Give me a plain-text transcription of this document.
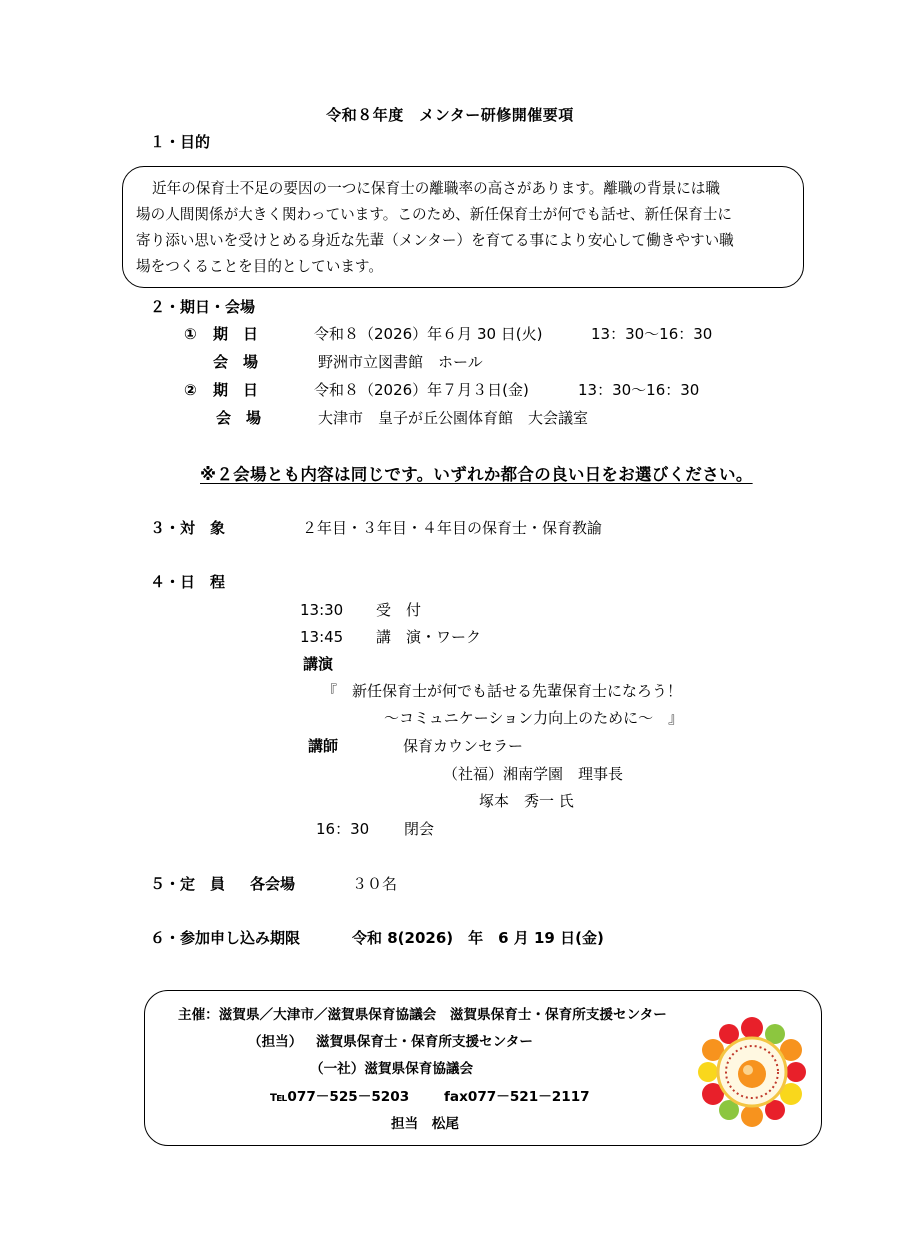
令和８年度　メンター研修開催要項
１・目的
近年の保育士不足の要因の一つに保育士の離職率の高さがあります。離職の背景には職
場の人間関係が大きく関わっています。このため、新任保育士が何でも話せ、新任保育士に
寄り添い思いを受けとめる身近な先輩（メンター）を育てる事により安心して働きやすい職
場をつくることを目的としています。
２・期日・会場
① 期　日	令和８（2026）年６月 30 日(火)	13：30～16：30
会　場	野洲市立図書館　ホール
② 期　日	令和８（2026）年７月３日(金)	13：30～16：30
会　場	大津市　皇子が丘公園体育館　大会議室
※２会場とも内容は同じです。いずれか都合の良い日をお選びください。
３・対　象	２年目・３年目・４年目の保育士・保育教諭
４・日　程
13:30 受　付
13:45 講　演・ワーク
講演
『　新任保育士が何でも話せる先輩保育士になろう！
～コミュニケーション力向上のために～　』
講師	保育カウンセラー
（社福）湘南学園　理事長
塚本　秀一 氏
16：30 閉会
５・定　員 各会場	３０名
６・参加申し込み期限	令和 8(2026)　年　6 月 19 日(金)
主催：滋賀県／大津市／滋賀県保育協議会　滋賀県保育士・保育所支援センター
（担当） 滋賀県保育士・保育所支援センター
（一社）滋賀県保育協議会
℡077－525－5203	fax077－521－2117
担当　松尾
